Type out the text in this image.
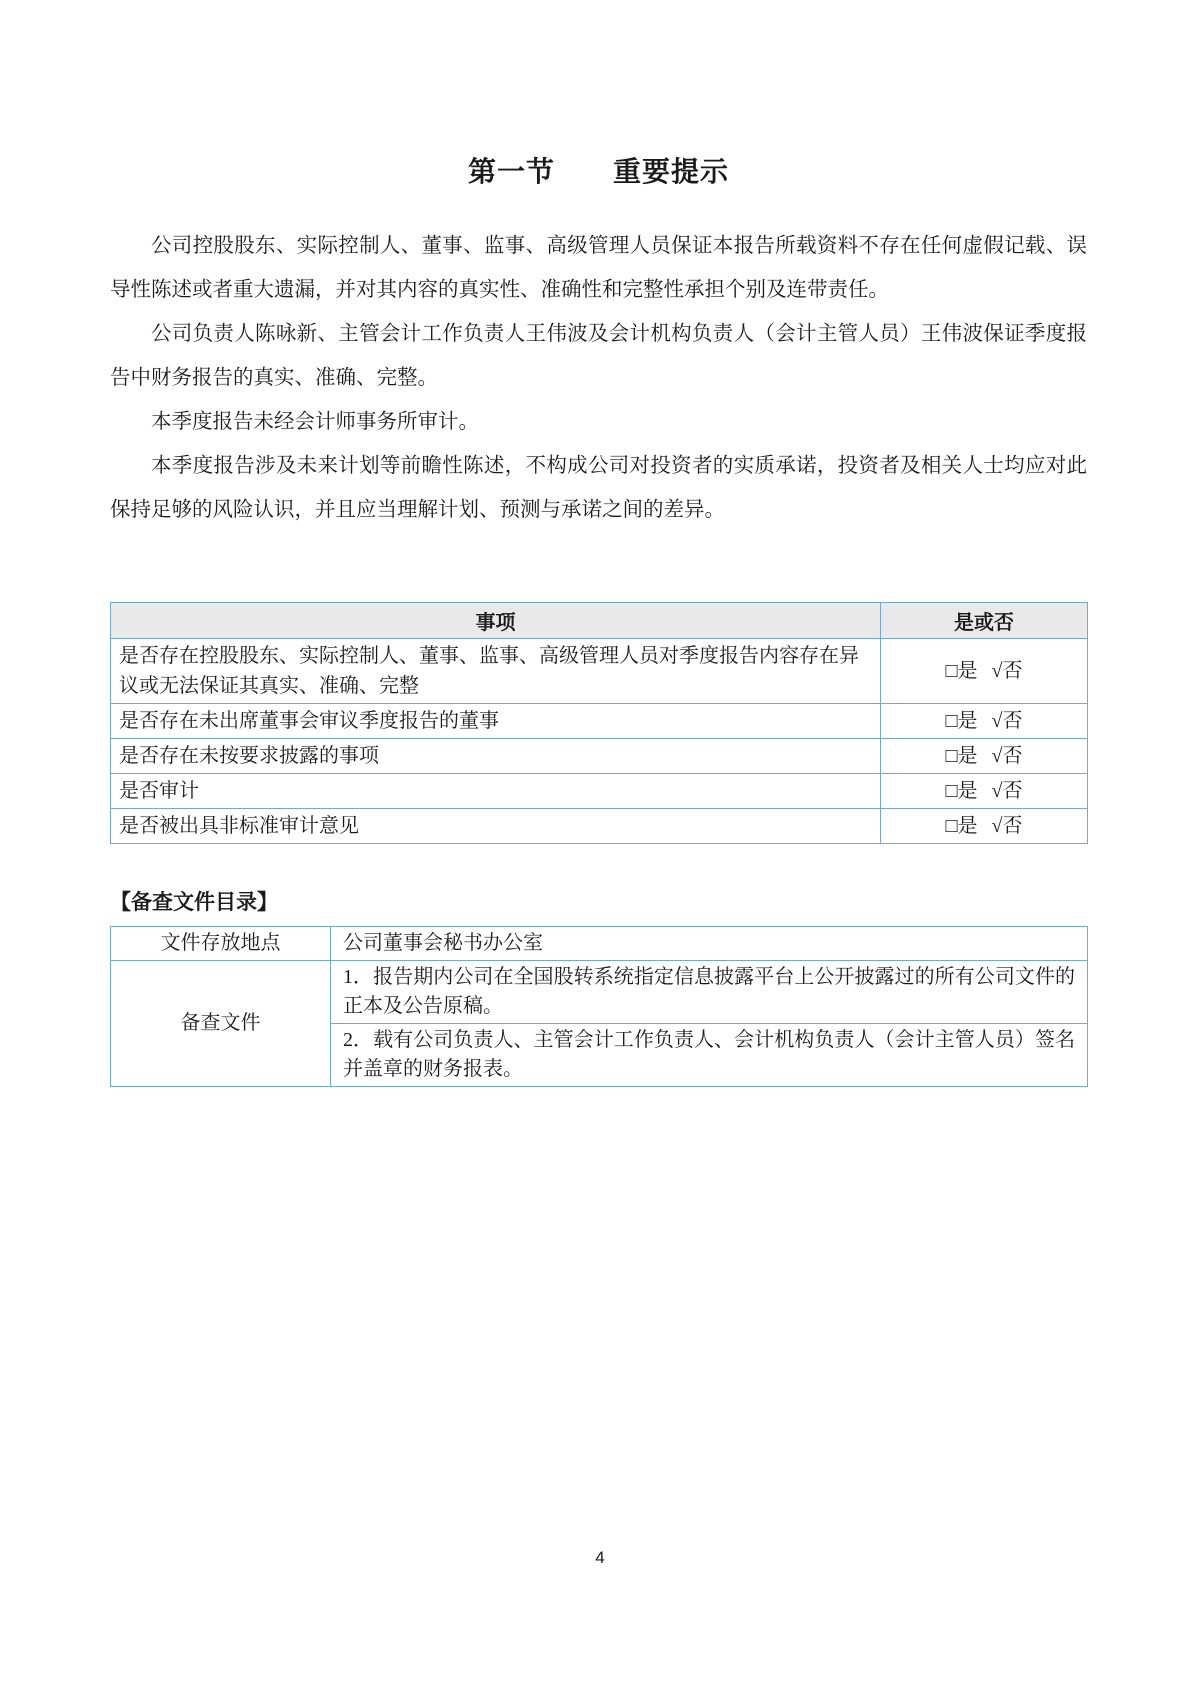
第一节　　重要提示

公司控股股东、实际控制人、董事、监事、高级管理人员保证本报告所载资料不存在任何虚假记载、误导性陈述或者重大遗漏，并对其内容的真实性、准确性和完整性承担个别及连带责任。

公司负责人陈咏新、主管会计工作负责人王伟波及会计机构负责人（会计主管人员）王伟波保证季度报告中财务报告的真实、准确、完整。

本季度报告未经会计师事务所审计。

本季度报告涉及未来计划等前瞻性陈述，不构成公司对投资者的实质承诺，投资者及相关人士均应对此保持足够的风险认识，并且应当理解计划、预测与承诺之间的差异。

事项	是或否
是否存在控股股东、实际控制人、董事、监事、高级管理人员对季度报告内容存在异议或无法保证其真实、准确、完整	□是 √否
是否存在未出席董事会审议季度报告的董事	□是 √否
是否存在未按要求披露的事项	□是 √否
是否审计	□是 √否
是否被出具非标准审计意见	□是 √否
【备查文件目录】
文件存放地点	公司董事会秘书办公室
备查文件	1．报告期内公司在全国股转系统指定信息披露平台上公开披露过的所有公司文件的正本及公告原稿。
	2．载有公司负责人、主管会计工作负责人、会计机构负责人（会计主管人员）签名并盖章的财务报表。
4
